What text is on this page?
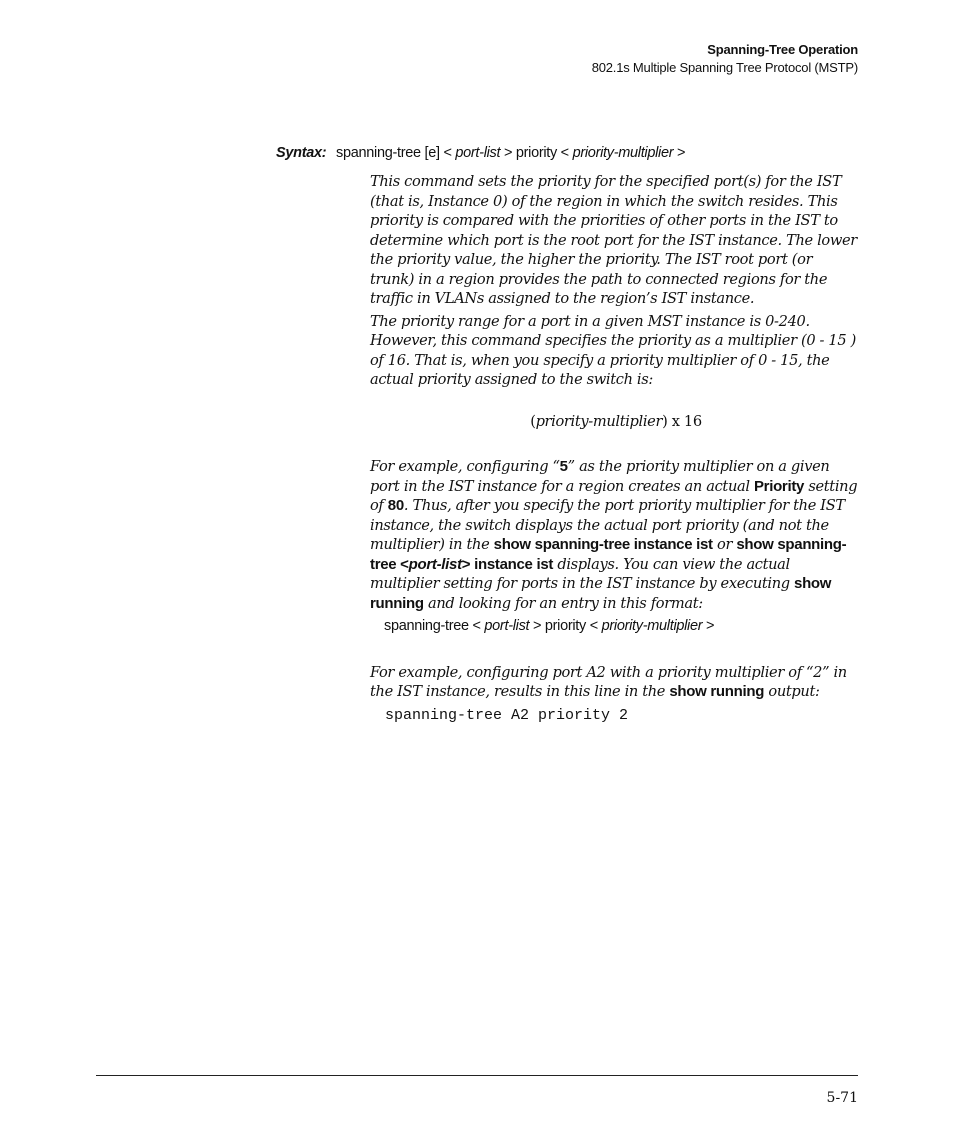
Spanning-Tree Operation
802.1s Multiple Spanning Tree Protocol (MSTP)
Syntax: spanning-tree [e] < port-list > priority < priority-multiplier >

This command sets the priority for the specified port(s) for the IST (that is, Instance 0) of the region in which the switch resides. This priority is compared with the priorities of other ports in the IST to determine which port is the root port for the IST instance. The lower the priority value, the higher the priority. The IST root port (or trunk) in a region provides the path to connected regions for the traffic in VLANs assigned to the region’s IST instance.

The priority range for a port in a given MST instance is 0-240. However, this command specifies the priority as a multiplier (0 - 15 ) of 16. That is, when you specify a priority multiplier of 0 - 15, the actual priority assigned to the switch is:

(priority-multiplier) x 16

For example, configuring “5” as the priority multiplier on a given port in the IST instance for a region creates an actual Priority setting of 80. Thus, after you specify the port priority multiplier for the IST instance, the switch displays the actual port priority (and not the multiplier) in the show spanning-tree instance ist or show spanning-tree <port-list> instance ist displays. You can view the actual multiplier setting for ports in the IST instance by executing show running and looking for an entry in this format:

spanning-tree < port-list > priority < priority-multiplier >

For example, configuring port A2 with a priority multiplier of “2” in the IST instance, results in this line in the show running output:

spanning-tree A2 priority 2
5-71
